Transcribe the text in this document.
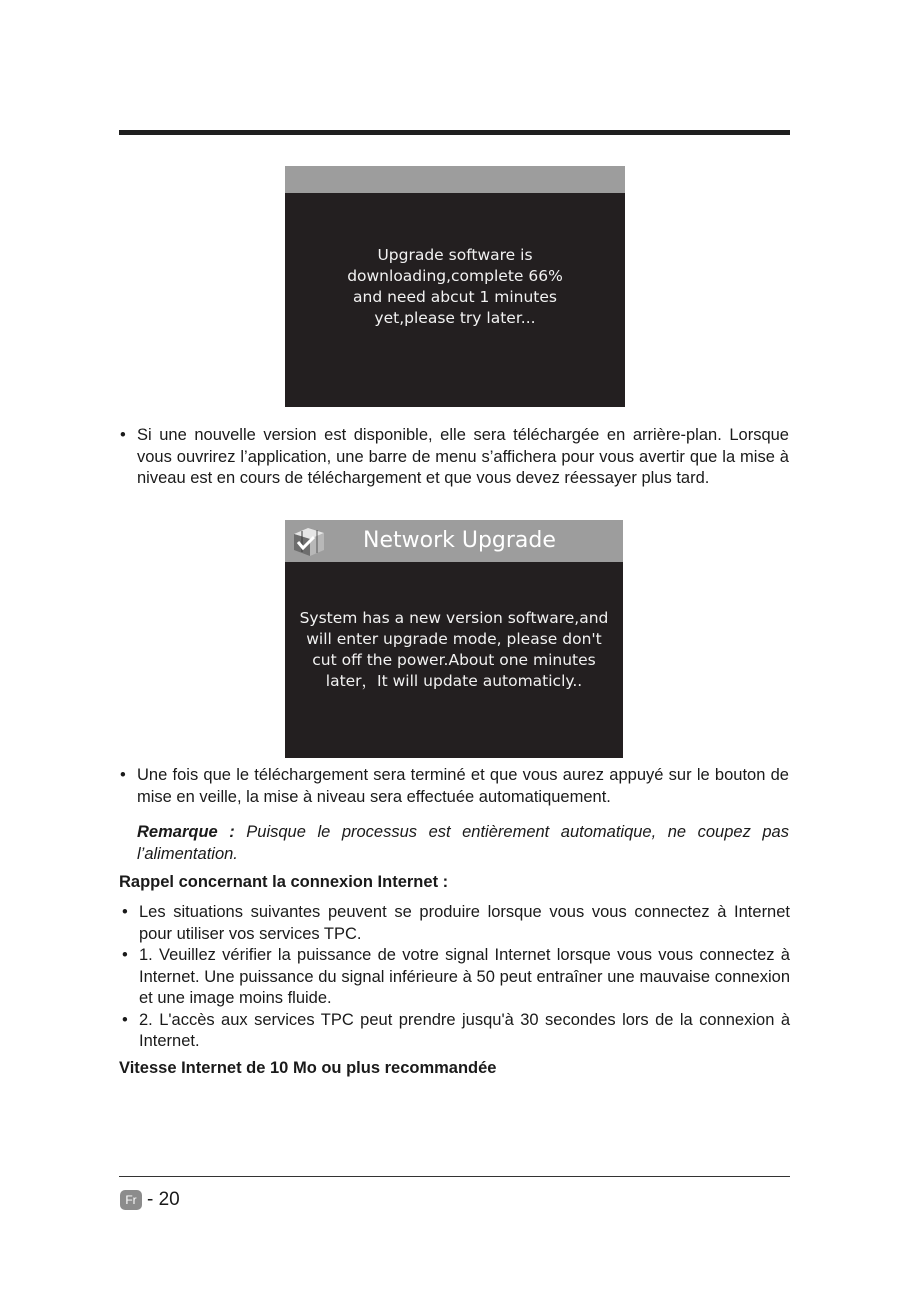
Upgrade software is
downloading,complete 66%
and need abcut 1 minutes
yet,please try later...
• Si une nouvelle version est disponible, elle sera téléchargée en arrière-plan. Lorsque vous ouvrirez l’application, une barre de menu s’affichera pour vous avertir que la mise à niveau est en cours de téléchargement et que vous devez réessayer plus tard.
Network Upgrade
System has a new version software,and
will enter upgrade mode, please don't
cut off the power.About one minutes
later，It will update automaticly..
• Une fois que le téléchargement sera terminé et que vous aurez appuyé sur le bouton de mise en veille, la mise à niveau sera effectuée automatiquement.
Remarque : Puisque le processus est entièrement automatique, ne coupez pas l’alimentation.
Rappel concernant la connexion Internet :
• Les situations suivantes peuvent se produire lorsque vous vous connectez à Internet pour utiliser vos services TPC.
• 1. Veuillez vérifier la puissance de votre signal Internet lorsque vous vous connectez à Internet. Une puissance du signal inférieure à 50 peut entraîner une mauvaise connexion et une image moins fluide.
• 2. L'accès aux services TPC peut prendre jusqu'à 30 secondes lors de la connexion à Internet.
Vitesse Internet de 10 Mo ou plus recommandée
Fr - 20
